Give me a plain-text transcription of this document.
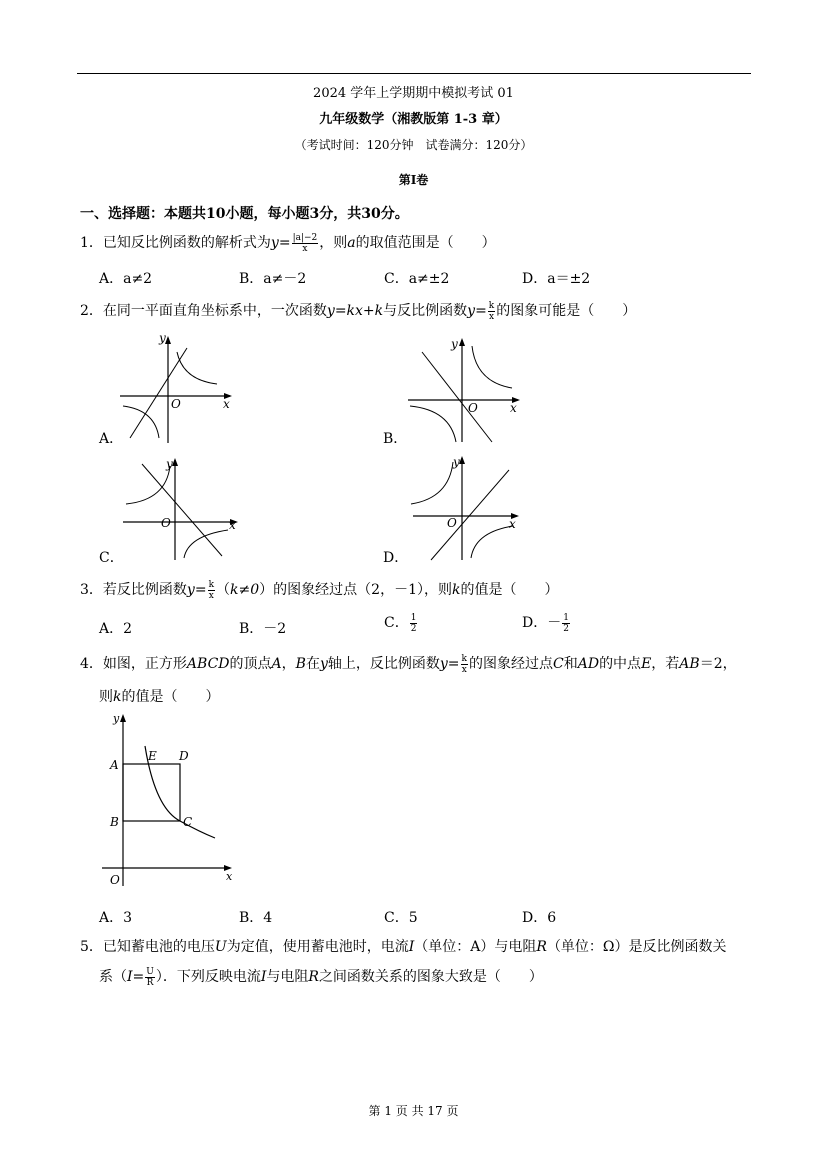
2024 学年上学期期中模拟考试 01
九年级数学（湘教版第 1-3 章）
（考试时间：120分钟　试卷满分：120分）
第Ⅰ卷
一、选择题：本题共10小题，每小题3分，共30分。
1．已知反比例函数的解析式为$y= \frac{|a|-2}{x}$ ，则a的取值范围是（　　）
A．a≠2	B．a≠－2	C．a≠±2	D．a＝±2
2．在同一平面直角坐标系中，一次函数y=kx+k与反比例函数$y= \frac{k}{x}$ 的图象可能是（　　）
y
x
O
A．
y
x
O
B．
y
x
O
C．
y
x
O
D．
3．若反比例函数$y= \frac{k}{x} (k\ne 0)$的图象经过点（2，－1），则k的值是（　　）
A．2	B．－2	C． $\frac{1}{2}$	D．－ $\frac{1}{2}$
4．如图，正方形ABCD的顶点A，B在y轴上，反比例函数$y= \frac{k}{x}$ 的图象经过点C和AD的中点E，若AB＝2，
则k的值是（　　）
y
x
O
A
B	C
D
E
A．3	B．4	C．5	D．6
5．已知蓄电池的电压U为定值，使用蓄电池时，电流I（单位：A）与电阻R（单位：Ω）是反比例函数关
系（$I= \frac{U}{R}$ ）．下列反映电流I与电阻R之间函数关系的图象大致是（　　）
第 1 页 共 17 页
